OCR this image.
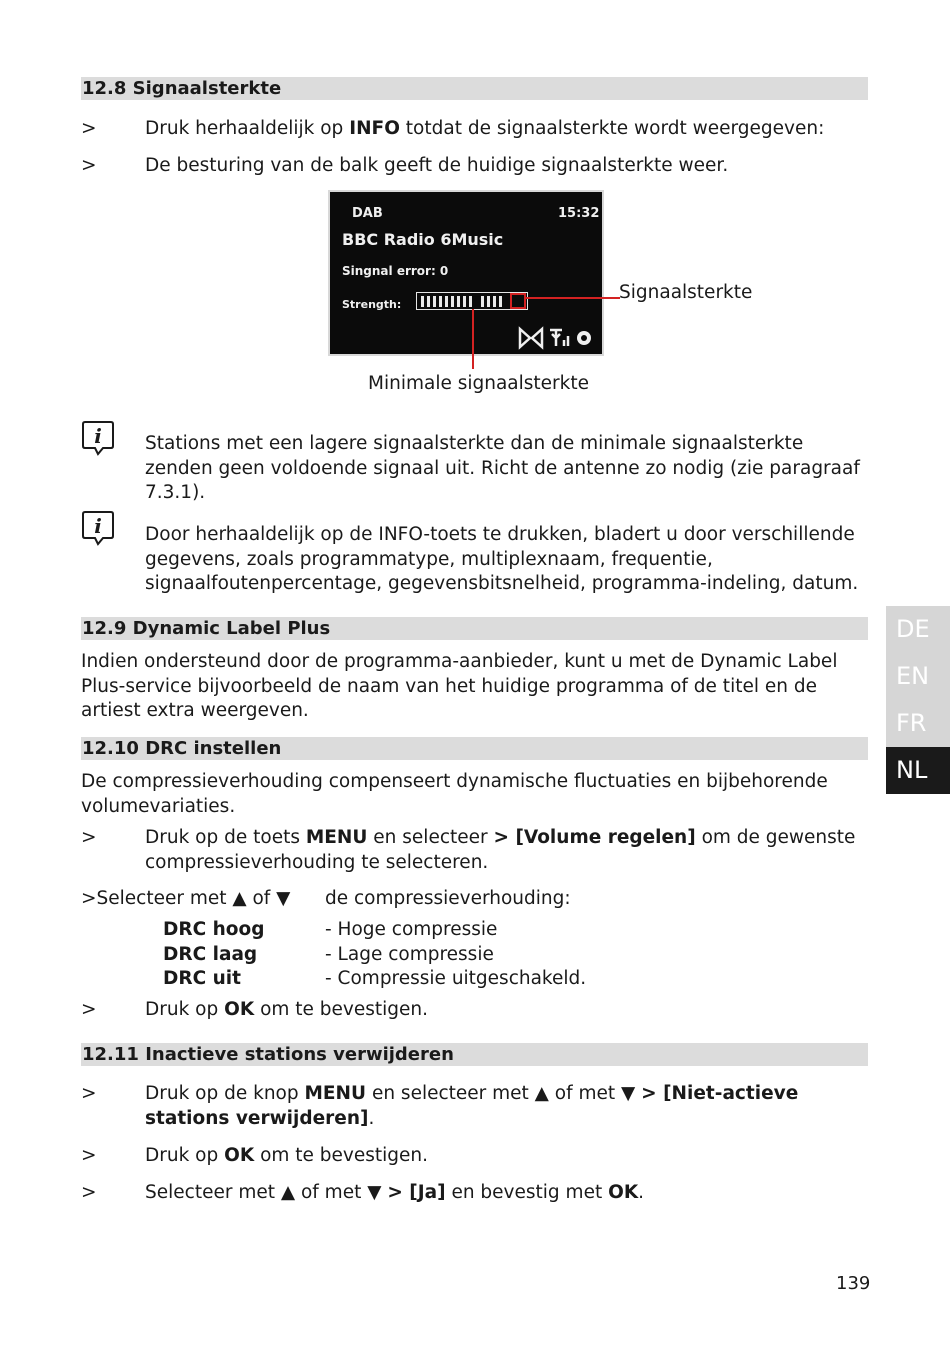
12.8 Signaalsterkte
>	Druk herhaaldelijk op INFO totdat de signaalsterkte wordt weergegeven:
>	De besturing van de balk geeft de huidige signaalsterkte weer.
DAB	15:32
BBC Radio 6Music
Singnal error: 0
Strength:
Signaalsterkte
Minimale signaalsterkte
i Stations met een lagere signaalsterkte dan de minimale signaalsterkte zenden geen voldoende signaal uit. Richt de antenne zo nodig (zie paragraaf 7.3.1).
i Door herhaaldelijk op de INFO-toets te drukken, bladert u door verschillende gegevens, zoals programmatype, multiplexnaam, frequentie, signaalfoutenpercentage, gegevensbitsnelheid, programma-indeling, datum.
12.9 Dynamic Label Plus
Indien ondersteund door de programma-aanbieder, kunt u met de Dynamic Label Plus-service bijvoorbeeld de naam van het huidige programma of de titel en de artiest extra weergeven.
12.10 DRC instellen
De compressieverhouding compenseert dynamische fluctuaties en bijbehorende volumevariaties.
>	Druk op de toets MENU en selecteer > [Volume regelen] om de gewenste compressieverhouding te selecteren.
>Selecteer met ▲ of ▼ de compressieverhouding:
DRC hoog	- Hoge compressie
DRC laag	- Lage compressie
DRC uit	- Compressie uitgeschakeld.
>	Druk op OK om te bevestigen.
12.11 Inactieve stations verwijderen
>	Druk op de knop MENU en selecteer met ▲ of met ▼ > [Niet-actieve stations verwijderen].
>	Druk op OK om te bevestigen.
>	Selecteer met ▲ of met ▼ > [Ja] en bevestig met OK.
DE
EN
FR
NL
139
